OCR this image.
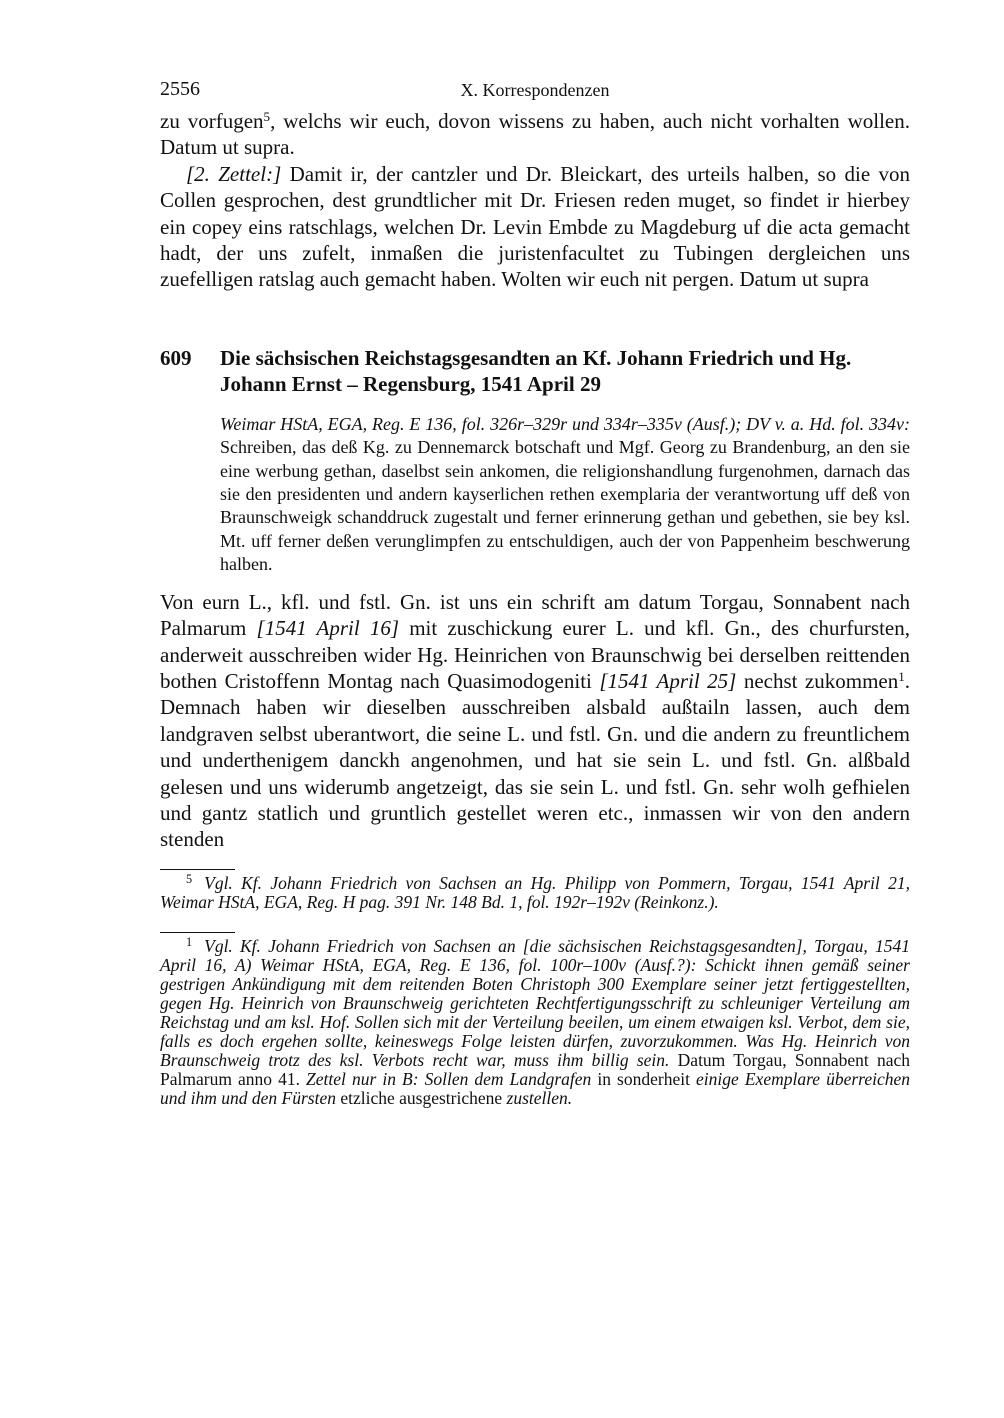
2556	X. Korrespondenzen

zu vorfugen$^5$, welchs wir euch, dovon wissens zu haben, auch nicht vorhalten wollen. Datum ut supra.

[2. Zettel:] Damit ir, der cantzler und Dr. Bleickart, des urteils halben, so die von Collen gesprochen, dest grundtlicher mit Dr. Friesen reden muget, so findet ir hierbey ein copey eins ratschlags, welchen Dr. Levin Embde zu Magdeburg uf die acta gemacht hadt, der uns zufelt, inmaßen die juristenfacultet zu Tubingen dergleichen uns zuefelligen ratslag auch gemacht haben. Wolten wir euch nit pergen. Datum ut supra

609	Die sächsischen Reichstagsgesandten an Kf. Johann Friedrich und Hg. Johann Ernst – Regensburg, 1541 April 29

Weimar HStA, EGA, Reg. E 136, fol. 326r–329r und 334r–335v (Ausf.); DV v. a. Hd. fol. 334v: Schreiben, das deß Kg. zu Dennemarck botschaft und Mgf. Georg zu Brandenburg, an den sie eine werbung gethan, daselbst sein ankomen, die religionshandlung furgenohmen, darnach das sie den presidenten und andern kayserlichen rethen exemplaria der verantwortung uff deß von Braunschweigk schanddruck zugestalt und ferner erinnerung gethan und gebethen, sie bey ksl. Mt. uff ferner deßen verunglimpfen zu entschuldigen, auch der von Pappenheim beschwerung halben.

Von eurn L., kfl. und fstl. Gn. ist uns ein schrift am datum Torgau, Sonnabent nach Palmarum [1541 April 16] mit zuschickung eurer L. und kfl. Gn., des churfursten, anderweit ausschreiben wider Hg. Heinrichen von Braunschwig bei derselben reittenden bothen Cristoffenn Montag nach Quasimodogeniti [1541 April 25] nechst zukommen$^1$. Demnach haben wir dieselben ausschreiben alsbald außtailn lassen, auch dem landgraven selbst uberantwort, die seine L. und fstl. Gn. und die andern zu freuntlichem und underthenigem danckh angenohmen, und hat sie sein L. und fstl. Gn. alßbald gelesen und uns widerumb angetzeigt, das sie sein L. und fstl. Gn. sehr wolh gefhielen und gantz statlich und gruntlich gestellet weren etc., inmassen wir von den andern stenden

$^5$ Vgl. Kf. Johann Friedrich von Sachsen an Hg. Philipp von Pommern, Torgau, 1541 April 21, Weimar HStA, EGA, Reg. H pag. 391 Nr. 148 Bd. 1, fol. 192r–192v (Reinkonz.).

$^1$ Vgl. Kf. Johann Friedrich von Sachsen an [die sächsischen Reichstagsgesandten], Torgau, 1541 April 16, A) Weimar HStA, EGA, Reg. E 136, fol. 100r–100v (Ausf.?): Schickt ihnen gemäß seiner gestrigen Ankündigung mit dem reitenden Boten Christoph 300 Exemplare seiner jetzt fertiggestellten, gegen Hg. Heinrich von Braunschweig gerichteten Rechtfertigungsschrift zu schleuniger Verteilung am Reichstag und am ksl. Hof. Sollen sich mit der Verteilung beeilen, um einem etwaigen ksl. Verbot, dem sie, falls es doch ergehen sollte, keineswegs Folge leisten dürfen, zuvorzukommen. Was Hg. Heinrich von Braunschweig trotz des ksl. Verbots recht war, muss ihm billig sein. Datum Torgau, Sonnabent nach Palmarum anno 41. Zettel nur in B: Sollen dem Landgrafen in sonderheit einige Exemplare überreichen und ihm und den Fürsten etzliche ausgestrichene zustellen.
